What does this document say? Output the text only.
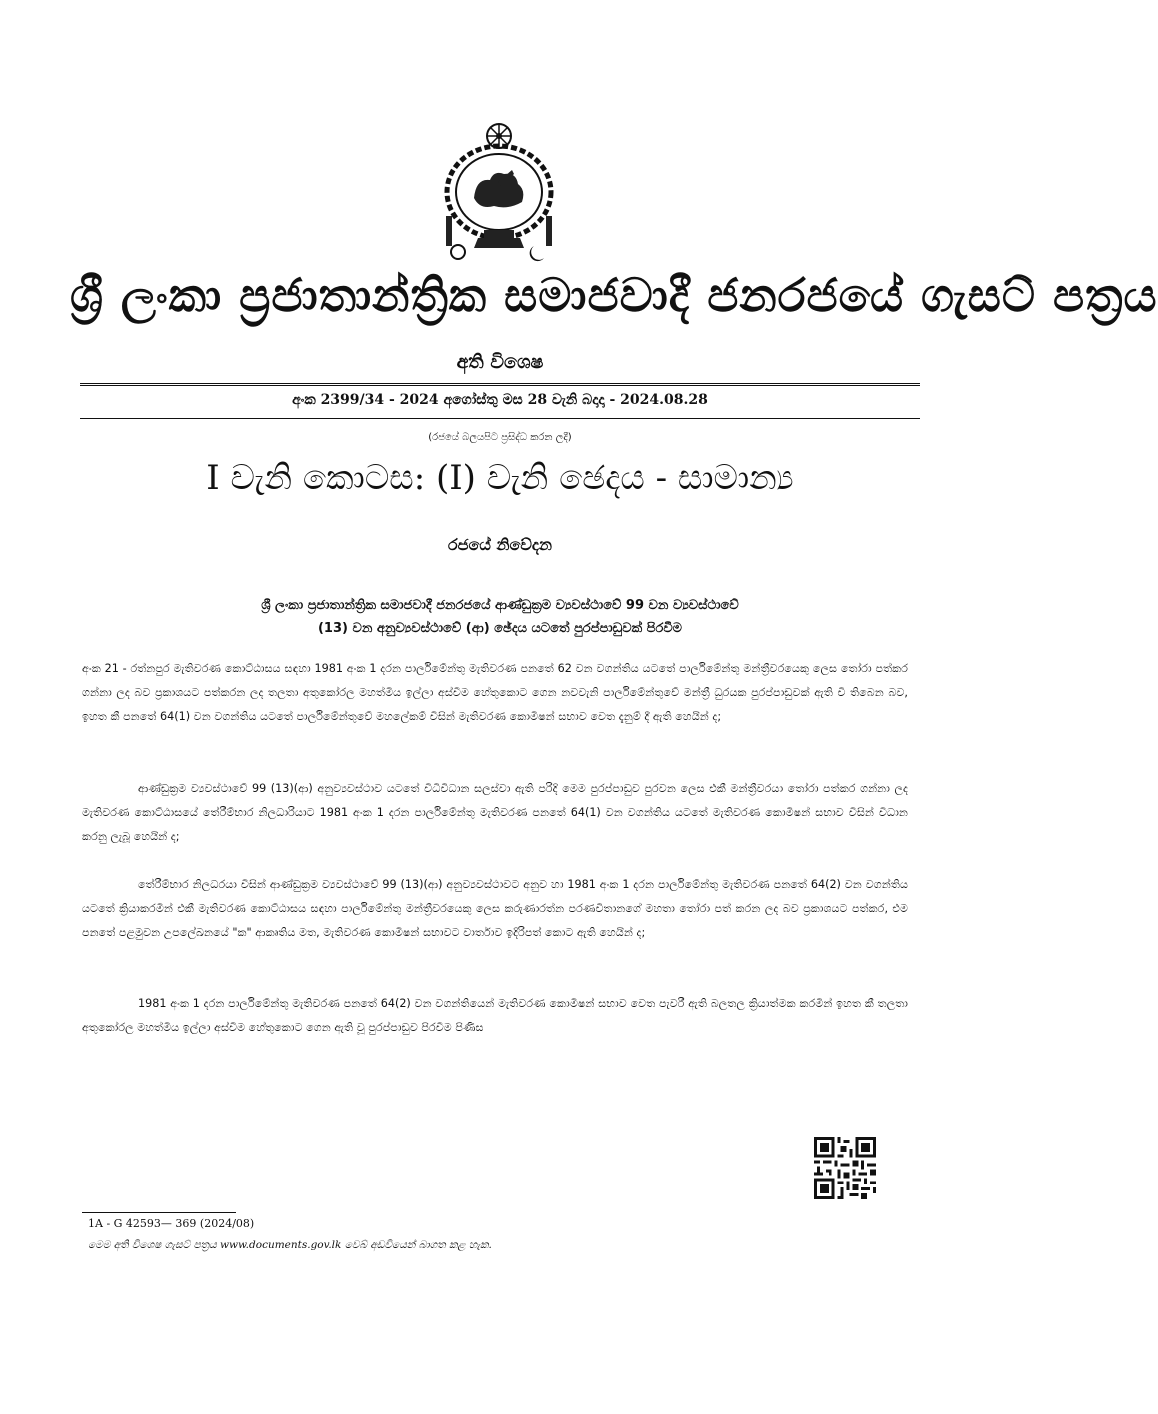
ශ්‍රී ලංකා ප්‍රජාතාන්ත්‍රික සමාජවාදී ජනරජයේ ගැසට් පත්‍රය
අති විශෙෂ
අංක 2399/34 - 2024 අගෝස්තු මස 28 වැනි බදාදා - 2024.08.28
(රජයේ බලයපිට ප්‍රසිද්ධ කරන ලදී)
I වැනි කොටස: (I) වැනි ඡෙදය - සාමාන්‍ය
රජයේ නිවේදන
ශ්‍රී ලංකා ප්‍රජාතාන්ත්‍රික සමාජවාදී ජනරජයේ ආණ්ඩුක්‍රම ව්‍යවස්ථාවේ 99 වන ව්‍යවස්ථාවේ
(13) වන අනුව්‍යවස්ථාවේ (ආ) ඡේදය යටතේ පුරප්පාඩුවක් පිරවීම
අංක 21 - රත්නපුර මැතිවරණ කොට්ඨාසය සඳහා 1981 අංක 1 දරන පාර්ලිමේන්තු මැතිවරණ පනතේ 62 වන වගන්තිය යටතේ පාර්ලිමේන්තු මන්ත්‍රීවරයෙකු ලෙස තෝරා පත්කර ගන්නා ලද බව ප්‍රකාශයට පත්කරන ලද තලතා අතුකෝරල මහත්මිය ඉල්ලා අස්වීම හේතුකොට ගෙන නවවැනි පාර්ලිමේන්තුවේ මන්ත්‍රී ධුරයක පුරප්පාඩුවක් ඇති වී තිබෙන බව, ඉහත කී පනතේ 64(1) වන වගන්තිය යටතේ පාර්ලිමේන්තුවේ මහලේකම් විසින් මැතිවරණ කොමිෂන් සභාව වෙත දැනුම් දී ඇති හෙයින් ද;
ආණ්ඩුක්‍රම ව්‍යවස්ථාවේ 99 (13)(ආ) අනුව්‍යවස්ථාව යටතේ විධිවිධාන සලස්වා ඇති පරිදි මෙම පුරප්පාඩුව පුරවන ලෙස එකී මන්ත්‍රීවරයා තෝරා පත්කර ගන්නා ලද මැතිවරණ කොට්ඨාසයේ තේරීම්භාර නිලධාරියාට 1981 අංක 1 දරන පාර්ලිමේන්තු මැතිවරණ පනතේ 64(1) වන වගන්තිය යටතේ මැතිවරණ කොමිෂන් සභාව විසින් විධාන කරනු ලැබූ හෙයින් ද;
තේරීම්භාර නිලධරයා විසින් ආණ්ඩුක්‍රම ව්‍යවස්ථාවේ 99 (13)(ආ) අනුව්‍යවස්ථාවට අනුව හා 1981 අංක 1 දරන පාර්ලිමේන්තු මැතිවරණ පනතේ 64(2) වන වගන්තිය යටතේ ක්‍රියාකරමින් එකී මැතිවරණ කොට්ඨාසය සඳහා පාර්ලිමේන්තු මන්ත්‍රීවරයෙකු ලෙස කරුණාරත්න පරණවිතානගේ මහතා තෝරා පත් කරන ලද බව ප්‍රකාශයට පත්කර, එම පනතේ පළමුවන උපලේඛනයේ "ක" ආකෘතිය මත, මැතිවරණ කොමිෂන් සභාවට වාර්තාව ඉදිරිපත් කොට ඇති හෙයින් ද;
1981 අංක 1 දරන පාර්ලිමේන්තු මැතිවරණ පනතේ 64(2) වන වගන්තියෙන් මැතිවරණ කොමිෂන් සභාව වෙත පැවරී ඇති බලතල ක්‍රියාත්මක කරමින් ඉහත කී තලතා අතුකෝරල මහත්මිය ඉල්ලා අස්වීම හේතුකොට ගෙන ඇති වූ පුරප්පාඩුව පිරවීම පිණිස
1A - G 42593— 369 (2024/08)
මෙම අති විශෙෂ ගැසට් පත්‍රය www.documents.gov.lk වෙබ් අඩවියෙන් බාගත කළ හැක.
